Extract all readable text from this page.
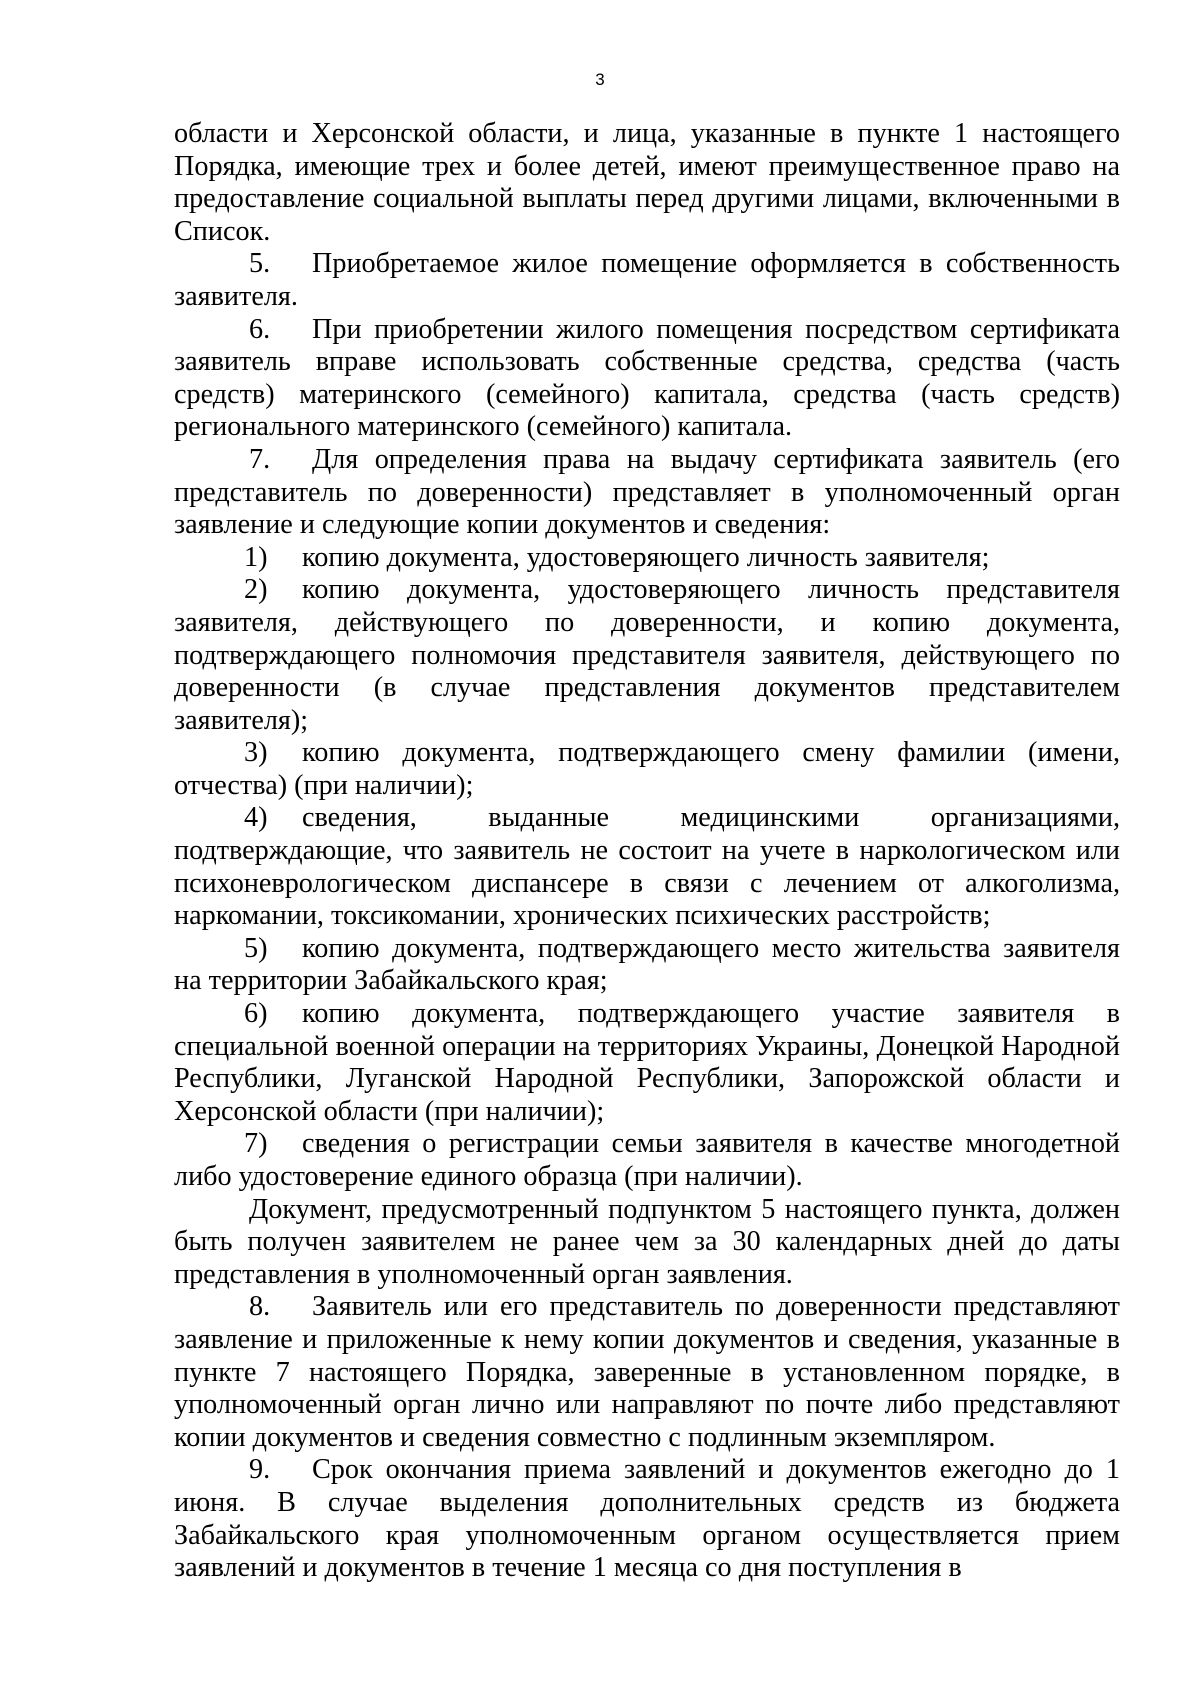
3

области и Херсонской области, и лица, указанные в пункте 1 настоящего Порядка, имеющие трех и более детей, имеют преимущественное право на предоставление социальной выплаты перед другими лицами, включенными в Список.

5. Приобретаемое жилое помещение оформляется в собственность заявителя.

6. При приобретении жилого помещения посредством сертификата заявитель вправе использовать собственные средства, средства (часть средств) материнского (семейного) капитала, средства (часть средств) регионального материнского (семейного) капитала.

7. Для определения права на выдачу сертификата заявитель (его представитель по доверенности) представляет в уполномоченный орган заявление и следующие копии документов и сведения:

1) копию документа, удостоверяющего личность заявителя;

2) копию документа, удостоверяющего личность представителя заявителя, действующего по доверенности, и копию документа, подтверждающего полномочия представителя заявителя, действующего по доверенности (в случае представления документов представителем заявителя);

3) копию документа, подтверждающего смену фамилии (имени, отчества) (при наличии);

4) сведения, выданные медицинскими организациями, подтверждающие, что заявитель не состоит на учете в наркологическом или психоневрологическом диспансере в связи с лечением от алкоголизма, наркомании, токсикомании, хронических психических расстройств;

5) копию документа, подтверждающего место жительства заявителя на территории Забайкальского края;

6) копию документа, подтверждающего участие заявителя в специальной военной операции на территориях Украины, Донецкой Народной Республики, Луганской Народной Республики, Запорожской области и Херсонской области (при наличии);

7) сведения о регистрации семьи заявителя в качестве многодетной либо удостоверение единого образца (при наличии).

Документ, предусмотренный подпунктом 5 настоящего пункта, должен быть получен заявителем не ранее чем за 30 календарных дней до даты представления в уполномоченный орган заявления.

8. Заявитель или его представитель по доверенности представляют заявление и приложенные к нему копии документов и сведения, указанные в пункте 7 настоящего Порядка, заверенные в установленном порядке, в уполномоченный орган лично или направляют по почте либо представляют копии документов и сведения совместно с подлинным экземпляром.

9. Срок окончания приема заявлений и документов ежегодно до 1 июня. В случае выделения дополнительных средств из бюджета Забайкальского края уполномоченным органом осуществляется прием заявлений и документов в течение 1 месяца со дня поступления в
